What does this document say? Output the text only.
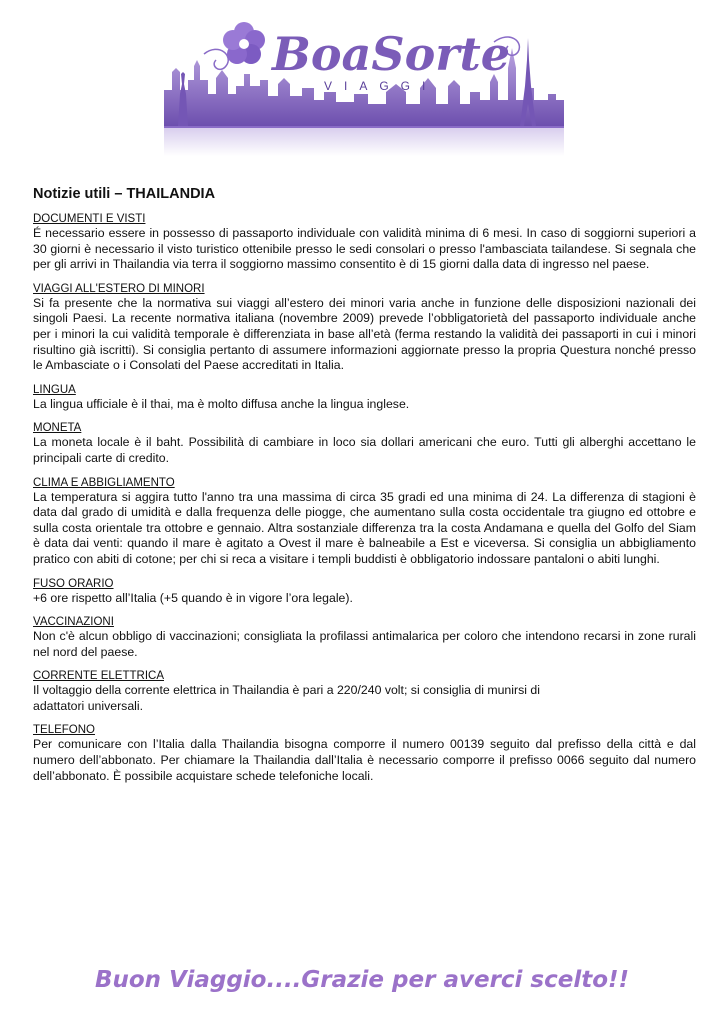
BoaSorte
VIAGGI
Notizie utili – THAILANDIA
DOCUMENTI E VISTI
É necessario essere in possesso di passaporto individuale con validità minima di 6 mesi. In caso di soggiorni superiori a 30 giorni è necessario il visto turistico ottenibile presso le sedi consolari o presso l'ambasciata tailandese. Si segnala che per gli arrivi in Thailandia via terra il soggiorno massimo consentito è di 15 giorni dalla data di ingresso nel paese.
VIAGGI ALL'ESTERO DI MINORI
Si fa presente che la normativa sui viaggi all’estero dei minori varia anche in funzione delle disposizioni nazionali dei singoli Paesi. La recente normativa italiana (novembre 2009) prevede l’obbligatorietà del passaporto individuale anche per i minori la cui validità temporale è differenziata in base all’età (ferma restando la validità dei passaporti in cui i minori risultino già iscritti). Si consiglia pertanto di assumere informazioni aggiornate presso la propria Questura nonché presso le Ambasciate o i Consolati del Paese accreditati in Italia.
LINGUA
La lingua ufficiale è il thai, ma è molto diffusa anche la lingua inglese.
MONETA
La moneta locale è il baht. Possibilità di cambiare in loco sia dollari americani che euro. Tutti gli alberghi accettano le principali carte di credito.
CLIMA E ABBIGLIAMENTO
La temperatura si aggira tutto l'anno tra una massima di circa 35 gradi ed una minima di 24. La differenza di stagioni è data dal grado di umidità e dalla frequenza delle piogge, che aumentano sulla costa occidentale tra giugno ed ottobre e sulla costa orientale tra ottobre e gennaio. Altra sostanziale differenza tra la costa Andamana e quella del Golfo del Siam è data dai venti: quando il mare è agitato a Ovest il mare è balneabile a Est e viceversa. Si consiglia un abbigliamento pratico con abiti di cotone; per chi si reca a visitare i templi buddisti è obbligatorio indossare pantaloni o abiti lunghi.
FUSO ORARIO
+6 ore rispetto all’Italia (+5 quando è in vigore l’ora legale).
VACCINAZIONI
Non c'è alcun obbligo di vaccinazioni; consigliata la profilassi antimalarica per coloro che intendono recarsi in zone rurali nel nord del paese.
CORRENTE ELETTRICA
Il voltaggio della corrente elettrica in Thailandia è pari a 220/240 volt; si consiglia di munirsi di
adattatori universali.
TELEFONO
Per comunicare con l’Italia dalla Thailandia bisogna comporre il numero 00139 seguito dal prefisso della città e dal numero dell’abbonato. Per chiamare la Thailandia dall’Italia è necessario comporre il prefisso 0066 seguito dal numero dell’abbonato. È possibile acquistare schede telefoniche locali.
Buon Viaggio....Grazie per averci scelto!!
